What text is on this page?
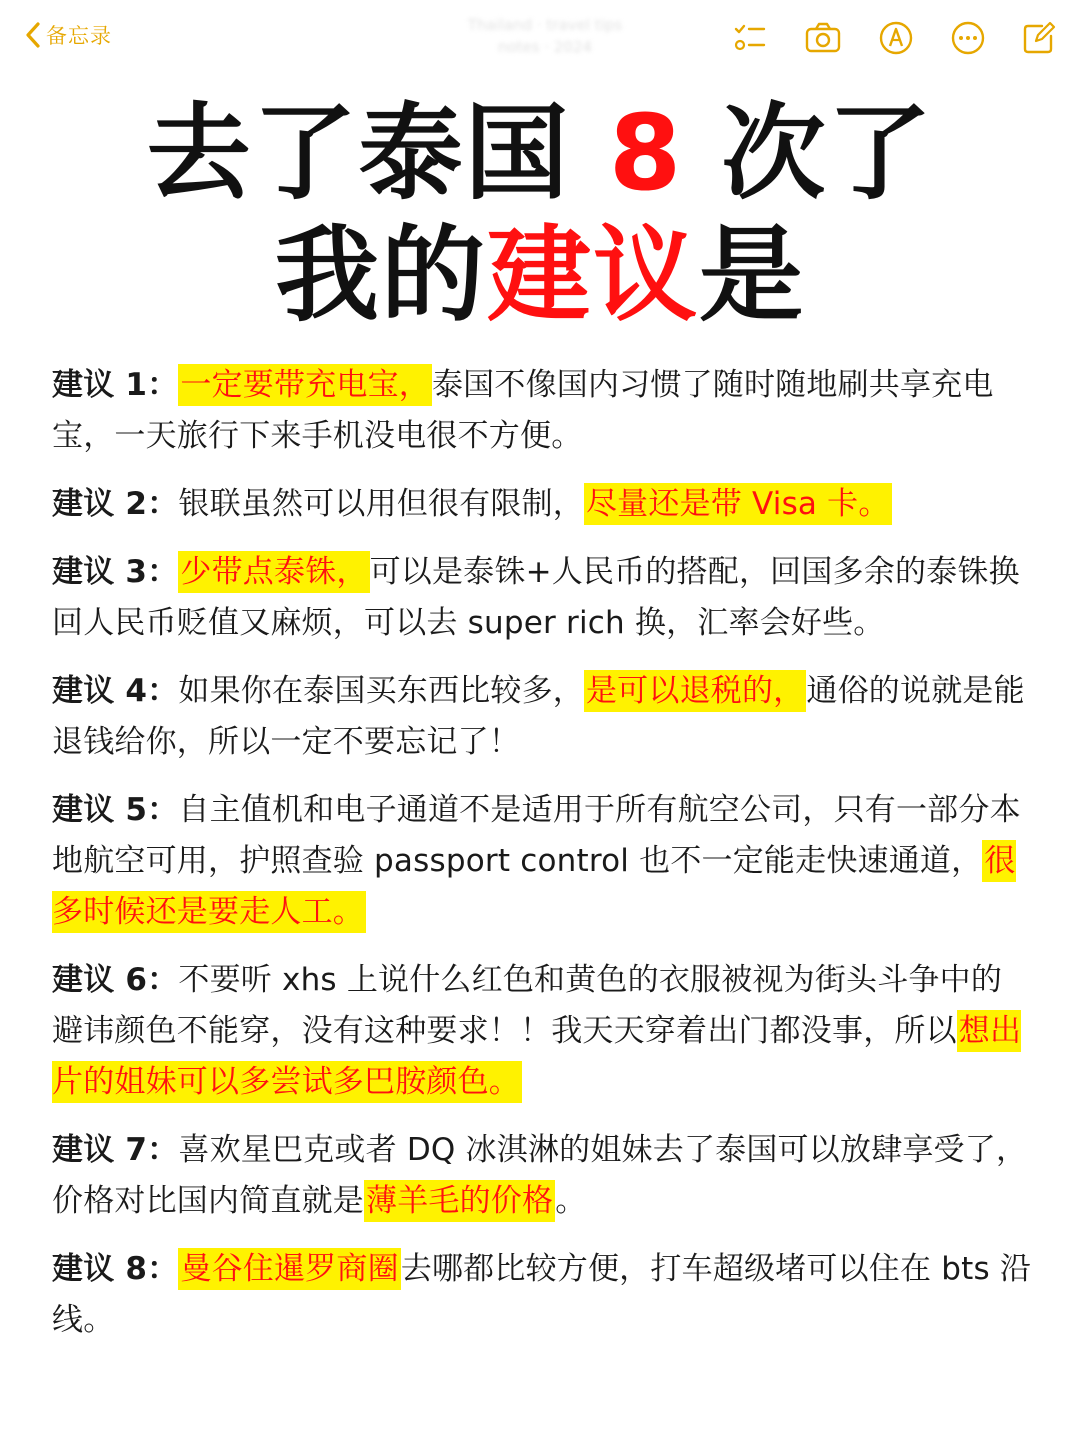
备忘录	Thailand · travel tips
notes · 2024
去了泰国 8 次了
我的建议是

建议 1：一定要带充电宝，泰国不像国内习惯了随时随地刷共享充电宝，一天旅行下来手机没电很不方便。

建议 2：银联虽然可以用但很有限制，尽量还是带 Visa 卡。

建议 3：少带点泰铢，可以是泰铢+人民币的搭配，回国多余的泰铢换回人民币贬值又麻烦，可以去 super rich 换，汇率会好些。

建议 4：如果你在泰国买东西比较多，是可以退税的，通俗的说就是能退钱给你，所以一定不要忘记了！

建议 5：自主值机和电子通道不是适用于所有航空公司，只有一部分本地航空可用，护照查验 passport control 也不一定能走快速通道，很多时候还是要走人工。

建议 6：不要听 xhs 上说什么红色和黄色的衣服被视为街头斗争中的避讳颜色不能穿，没有这种要求！！我天天穿着出门都没事，所以想出片的姐妹可以多尝试多巴胺颜色。

建议 7：喜欢星巴克或者 DQ 冰淇淋的姐妹去了泰国可以放肆享受了，价格对比国内简直就是薄羊毛的价格。

建议 8：曼谷住暹罗商圈去哪都比较方便，打车超级堵可以住在 bts 沿线。
